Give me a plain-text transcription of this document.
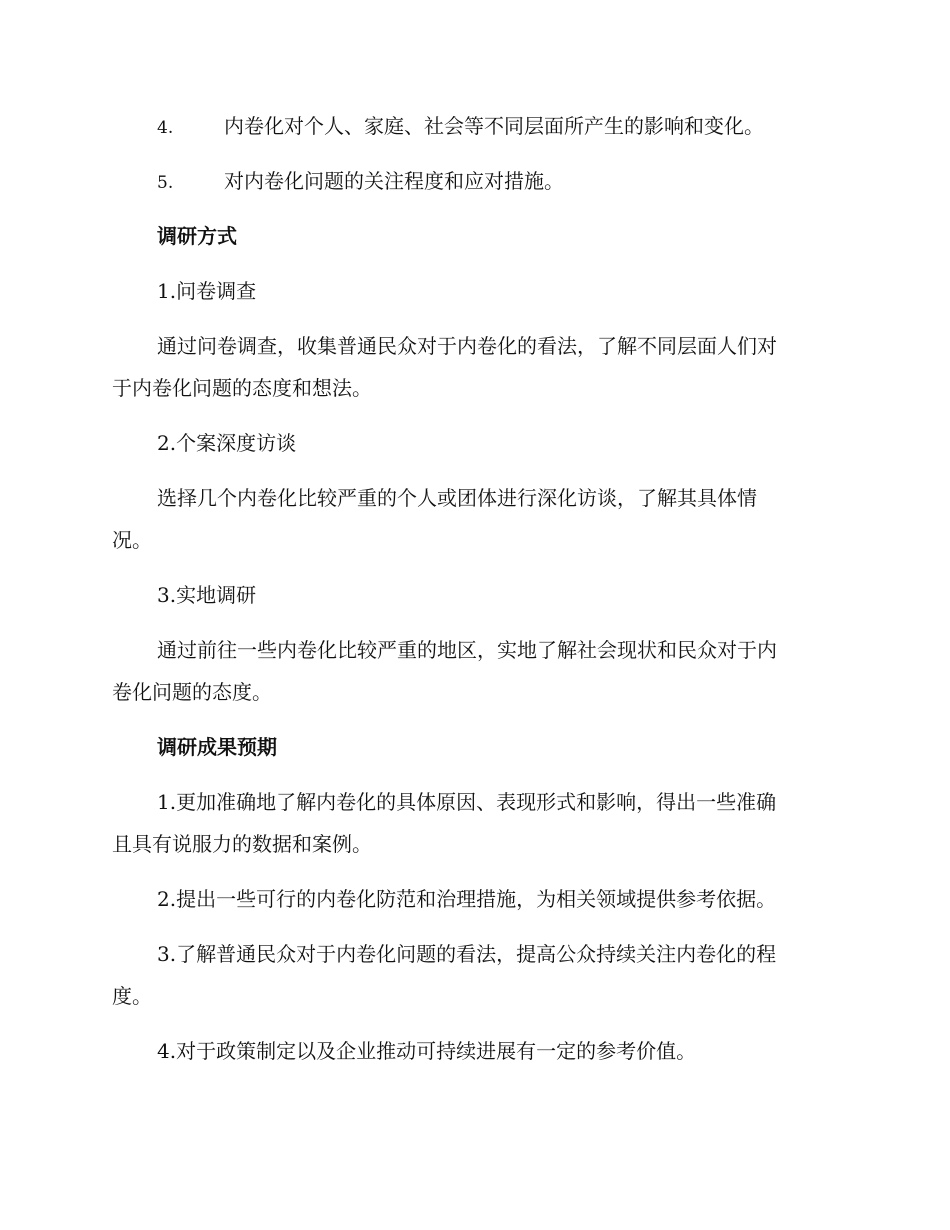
4.	内卷化对个人、家庭、社会等不同层面所产生的影响和变化。
5.	对内卷化问题的关注程度和应对措施。
调研方式
1.问卷调查
通过问卷调查，收集普通民众对于内卷化的看法，了解不同层面人们对
于内卷化问题的态度和想法。
2.个案深度访谈
选择几个内卷化比较严重的个人或团体进行深化访谈，了解其具体情
况。
3.实地调研
通过前往一些内卷化比较严重的地区，实地了解社会现状和民众对于内
卷化问题的态度。
调研成果预期
1.更加准确地了解内卷化的具体原因、表现形式和影响，得出一些准确
且具有说服力的数据和案例。
2.提出一些可行的内卷化防范和治理措施，为相关领域提供参考依据。
3.了解普通民众对于内卷化问题的看法，提高公众持续关注内卷化的程
度。
4.对于政策制定以及企业推动可持续进展有一定的参考价值。
